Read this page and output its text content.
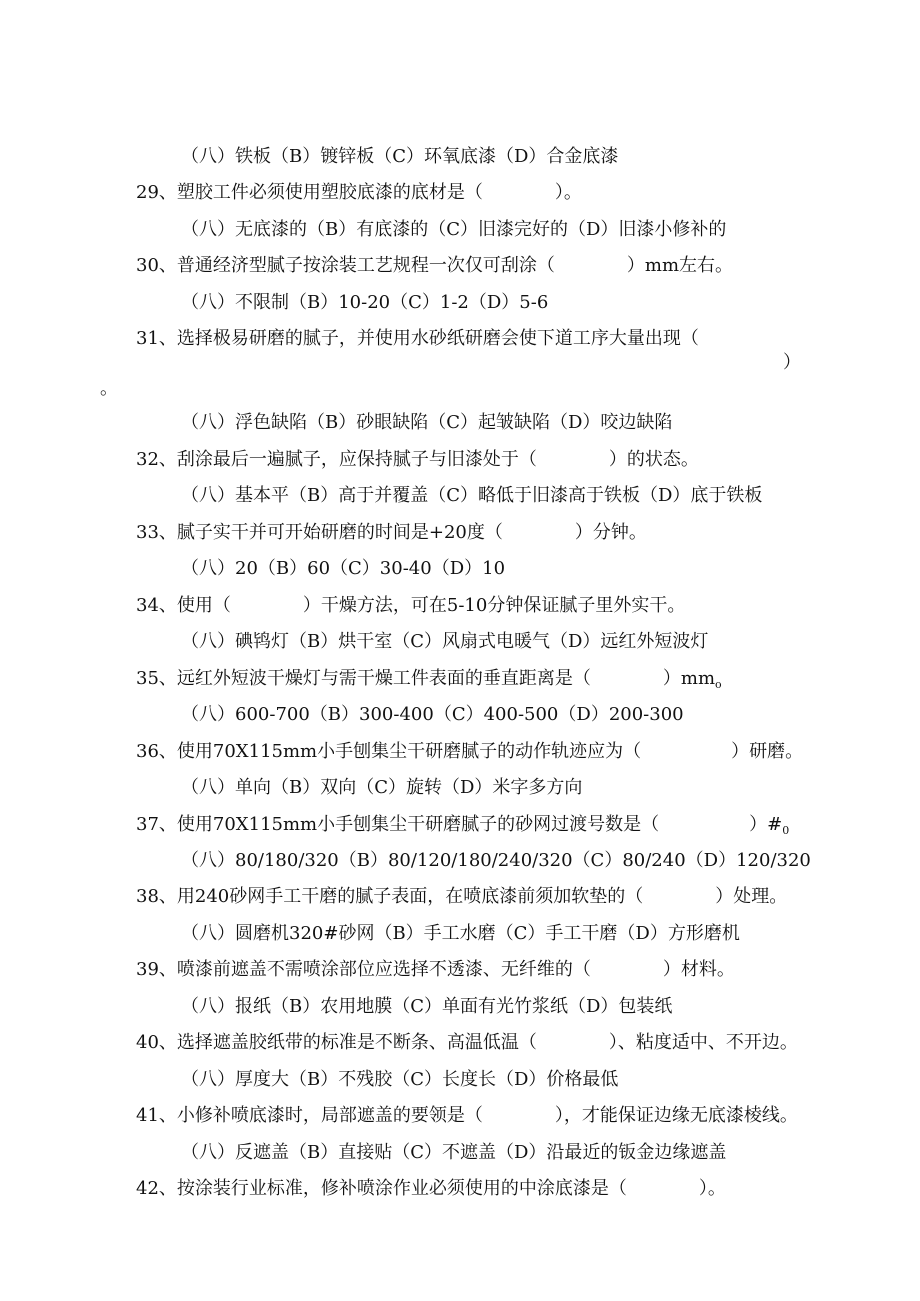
（八）铁板（B）镀锌板（C）环氧底漆（D）合金底漆
29、塑胶工件必须使用塑胶底漆的底材是（　　　　）。
（八）无底漆的（B）有底漆的（C）旧漆完好的（D）旧漆小修补的
30、普通经济型腻子按涂装工艺规程一次仅可刮涂（　　　　）mm左右。
（八）不限制（B）10-20（C）1-2（D）5-6
31、选择极易研磨的腻子，并使用水砂纸研磨会使下道工序大量出现（
）
。
（八）浮色缺陷（B）砂眼缺陷（C）起皱缺陷（D）咬边缺陷
32、刮涂最后一遍腻子，应保持腻子与旧漆处于（　　　　）的状态。
（八）基本平（B）高于并覆盖（C）略低于旧漆高于铁板（D）底于铁板
33、腻子实干并可开始研磨的时间是+20度（　　　　）分钟。
（八）20（B）60（C）30-40（D）10
34、使用（　　　　）干燥方法，可在5-10分钟保证腻子里外实干。
（八）碘鸨灯（B）烘干室（C）风扇式电暖气（D）远红外短波灯
35、远红外短波干燥灯与需干燥工件表面的垂直距离是（　　　　）$mm_o$
（八）600-700（B）300-400（C）400-500（D）200-300
36、使用70X115mm小手刨集尘干研磨腻子的动作轨迹应为（　　　　　）研磨。
（八）单向（B）双向（C）旋转（D）米字多方向
37、使用70X115mm小手刨集尘干研磨腻子的砂网过渡号数是（　　　　　）$\#_0$
（八）80/180/320（B）80/120/180/240/320（C）80/240（D）120/320
38、用240砂网手工干磨的腻子表面，在喷底漆前须加软垫的（　　　　）处理。
（八）圆磨机320#砂网（B）手工水磨（C）手工干磨（D）方形磨机
39、喷漆前遮盖不需喷涂部位应选择不透漆、无纤维的（　　　　）材料。
（八）报纸（B）农用地膜（C）单面有光竹浆纸（D）包装纸
40、选择遮盖胶纸带的标准是不断条、高温低温（　　　　）、粘度适中、不开边。
（八）厚度大（B）不残胶（C）长度长（D）价格最低
41、小修补喷底漆时，局部遮盖的要领是（　　　　），才能保证边缘无底漆棱线。
（八）反遮盖（B）直接贴（C）不遮盖（D）沿最近的钣金边缘遮盖
42、按涂装行业标准，修补喷涂作业必须使用的中涂底漆是（　　　　）。
